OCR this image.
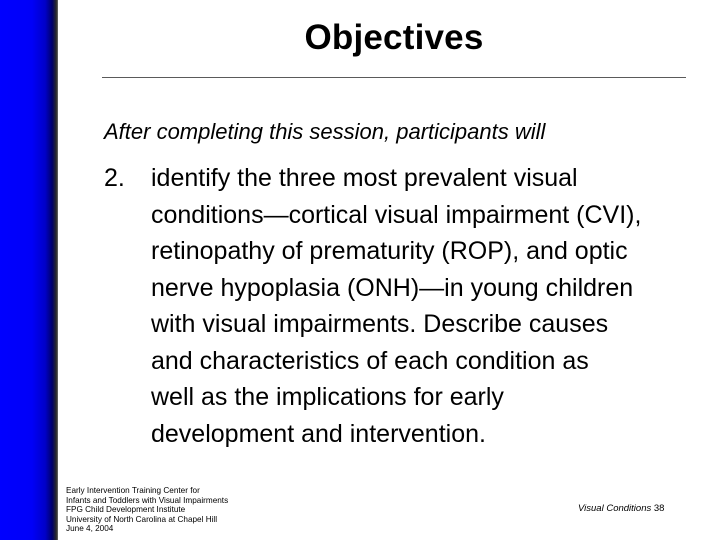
Objectives
After completing this session, participants will
2. identify the three most prevalent visual
conditions—cortical visual impairment (CVI),
retinopathy of prematurity (ROP), and optic
nerve hypoplasia (ONH)—in young children
with visual impairments. Describe causes
and characteristics of each condition as
well as the implications for early
development and intervention.
Early Intervention Training Center for
Infants and Toddlers with Visual Impairments
FPG Child Development Institute
University of North Carolina at Chapel Hill
June 4, 2004
Visual Conditions 38
